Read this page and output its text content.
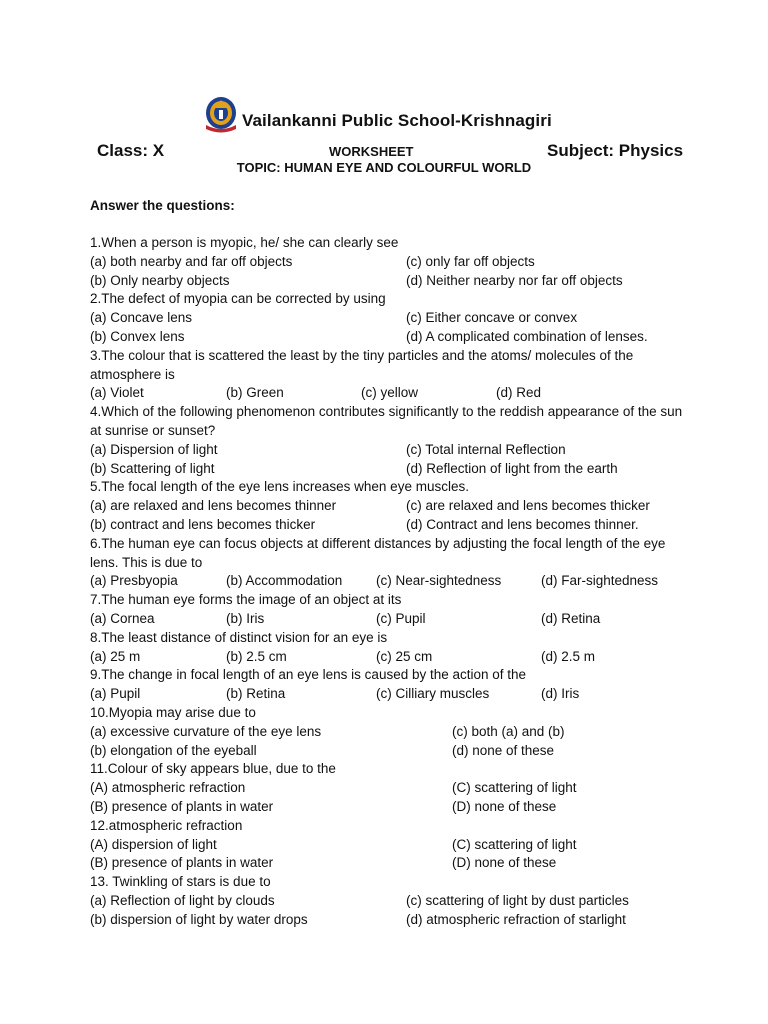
Vailankanni Public School-Krishnagiri
Class: X	WORKSHEET	Subject: Physics
TOPIC: HUMAN EYE AND COLOURFUL WORLD
Answer the questions:
1.When a person is myopic, he/ she can clearly see
(a) both nearby and far off objects	(c) only far off objects
(b) Only nearby objects	(d) Neither nearby nor far off objects
2.The defect of myopia can be corrected by using
(a) Concave lens	(c) Either concave or convex
(b) Convex lens	(d) A complicated combination of lenses.
3.The colour that is scattered the least by the tiny particles and the atoms/ molecules of the atmosphere is
(a) Violet	(b) Green	(c) yellow	(d) Red
4.Which of the following phenomenon contributes significantly to the reddish appearance of the sun at sunrise or sunset?
(a) Dispersion of light	(c) Total internal Reflection
(b) Scattering of light	(d) Reflection of light from the earth
5.The focal length of the eye lens increases when eye muscles.
(a) are relaxed and lens becomes thinner	(c) are relaxed and lens becomes thicker
(b) contract and lens becomes thicker	(d) Contract and lens becomes thinner.
6.The human eye can focus objects at different distances by adjusting the focal length of the eye lens. This is due to
(a) Presbyopia	(b) Accommodation (c) Near-sightedness	(d) Far-sightedness
7.The human eye forms the image of an object at its
(a) Cornea	(b) Iris	(c) Pupil	(d) Retina
8.The least distance of distinct vision for an eye is
(a) 25 m	(b) 2.5 cm	(c) 25 cm	(d) 2.5 m
9.The change in focal length of an eye lens is caused by the action of the
(a) Pupil	(b) Retina	(c) Cilliary muscles	(d) Iris
10.Myopia may arise due to
(a) excessive curvature of the eye lens	(c) both (a) and (b)
(b) elongation of the eyeball	(d) none of these
11.Colour of sky appears blue, due to the
(A) atmospheric refraction	(C) scattering of light
(B) presence of plants in water	(D) none of these
12.atmospheric refraction
(A) dispersion of light	(C) scattering of light
(B) presence of plants in water	(D) none of these
13. Twinkling of stars is due to
(a) Reflection of light by clouds	(c) scattering of light by dust particles
(b) dispersion of light by water drops	(d) atmospheric refraction of starlight
